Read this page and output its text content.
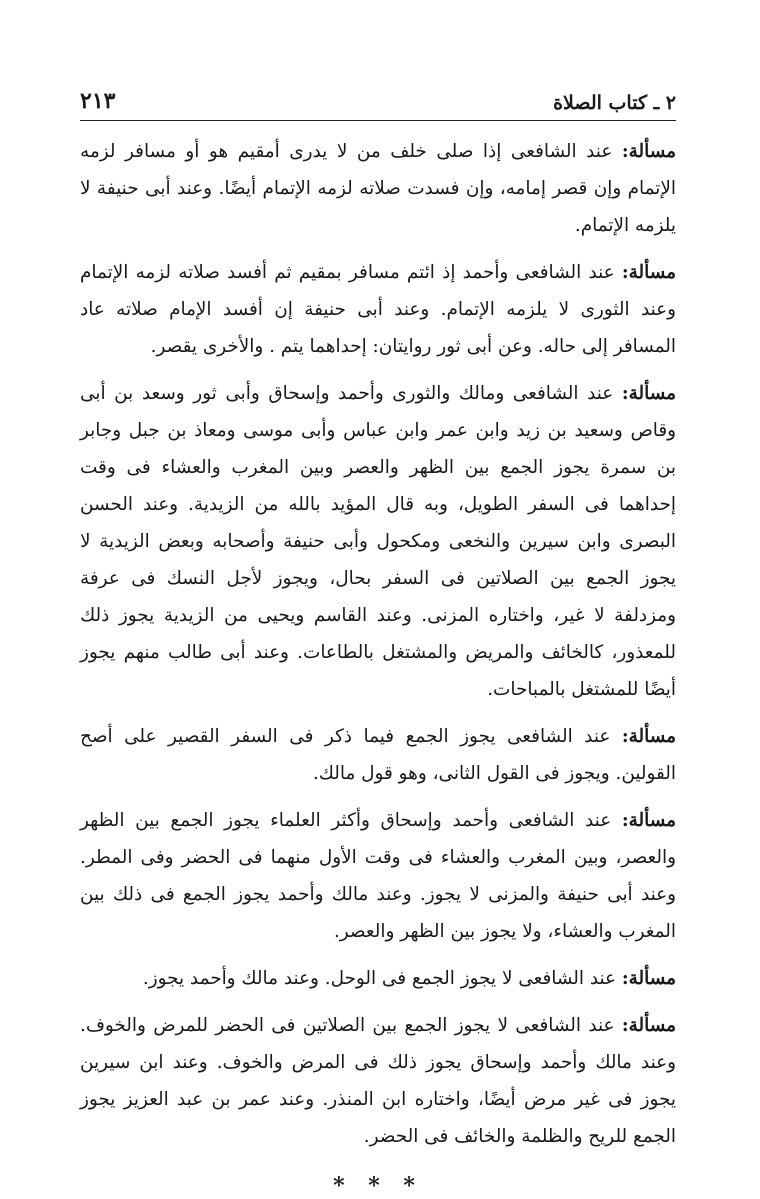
٢ ـ كتاب الصلاة
٢١٣

مسألة: عند الشافعى إذا صلى خلف من لا يدرى أمقيم هو أو مسافر لزمه الإتمام وإن قصر إمامه، وإن فسدت صلاته لزمه الإتمام أيضًا. وعند أبى حنيفة لا يلزمه الإتمام.

مسألة: عند الشافعى وأحمد إذ ائتم مسافر بمقيم ثم أفسد صلاته لزمه الإتمام وعند الثورى لا يلزمه الإتمام. وعند أبى حنيفة إن أفسد الإمام صلاته عاد المسافر إلى حاله. وعن أبى ثور روايتان: إحداهما يتم . والأخرى يقصر.

مسألة: عند الشافعى ومالك والثورى وأحمد وإسحاق وأبى ثور وسعد بن أبى وقاص وسعيد بن زيد وابن عمر وابن عباس وأبى موسى ومعاذ بن جبل وجابر بن سمرة يجوز الجمع بين الظهر والعصر وبين المغرب والعشاء فى وقت إحداهما فى السفر الطويل، وبه قال المؤيد بالله من الزيدية. وعند الحسن البصرى وابن سيرين والنخعى ومكحول وأبى حنيفة وأصحابه وبعض الزيدية لا يجوز الجمع بين الصلاتين فى السفر بحال، ويجوز لأجل النسك فى عرفة ومزدلفة لا غير، واختاره المزنى. وعند القاسم ويحيى من الزيدية يجوز ذلك للمعذور، كالخائف والمريض والمشتغل بالطاعات. وعند أبى طالب منهم يجوز أيضًا للمشتغل بالمباحات.

مسألة: عند الشافعى يجوز الجمع فيما ذكر فى السفر القصير على أصح القولين. ويجوز فى القول الثانى، وهو قول مالك.

مسألة: عند الشافعى وأحمد وإسحاق وأكثر العلماء يجوز الجمع بين الظهر والعصر، وبين المغرب والعشاء فى وقت الأول منهما فى الحضر وفى المطر. وعند أبى حنيفة والمزنى لا يجوز. وعند مالك وأحمد يجوز الجمع فى ذلك بين المغرب والعشاء، ولا يجوز بين الظهر والعصر.

مسألة: عند الشافعى لا يجوز الجمع فى الوحل. وعند مالك وأحمد يجوز.

مسألة: عند الشافعى لا يجوز الجمع بين الصلاتين فى الحضر للمرض والخوف. وعند مالك وأحمد وإسحاق يجوز ذلك فى المرض والخوف. وعند ابن سيرين يجوز فى غير مرض أيضًا، واختاره ابن المنذر. وعند عمر بن عبد العزيز يجوز الجمع للريح والظلمة والخائف فى الحضر.

* * *
